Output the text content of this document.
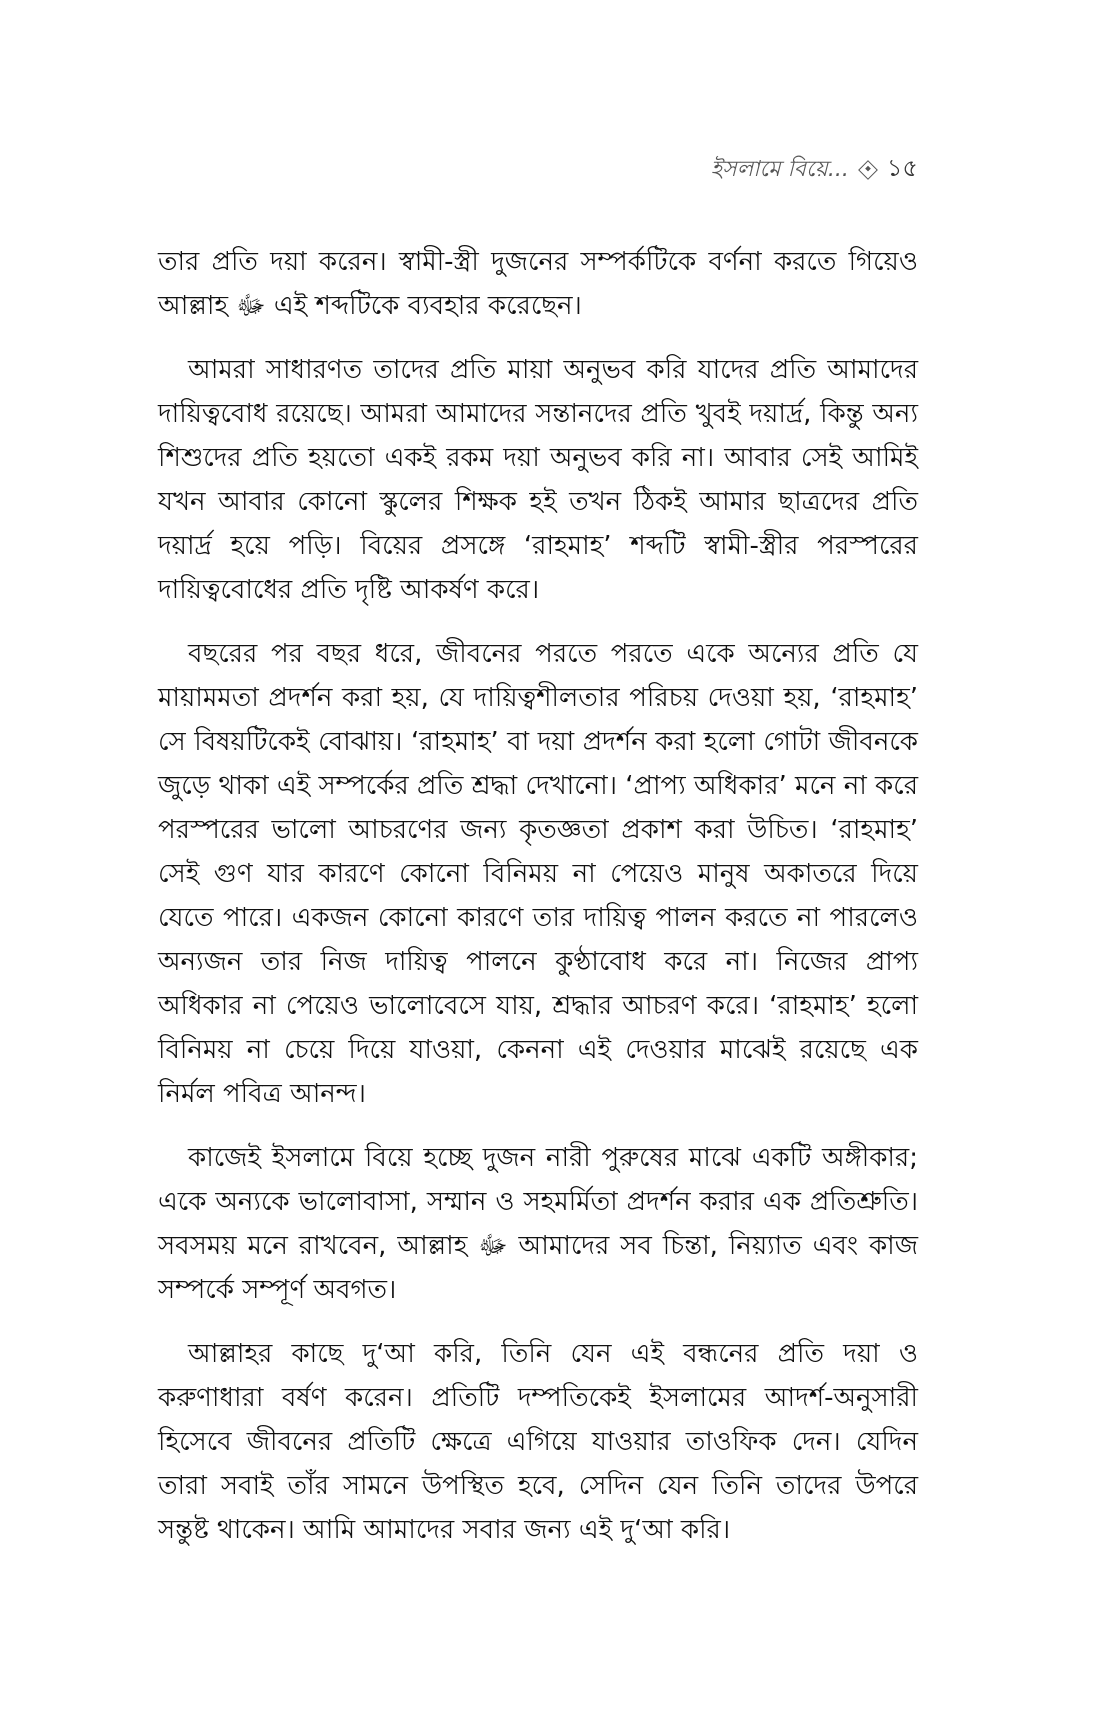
ইসলামে বিয়ে... ১৫

তার প্রতি দয়া করেন। স্বামী-স্ত্রী দুজনের সম্পর্কটিকে বর্ণনা করতে গিয়েও আল্লাহ ﷻ এই শব্দটিকে ব্যবহার করেছেন।

আমরা সাধারণত তাদের প্রতি মায়া অনুভব করি যাদের প্রতি আমাদের দায়িত্ববোধ রয়েছে। আমরা আমাদের সন্তানদের প্রতি খুবই দয়ার্দ্র, কিন্তু অন্য শিশুদের প্রতি হয়তো একই রকম দয়া অনুভব করি না। আবার সেই আমিই যখন আবার কোনো স্কুলের শিক্ষক হই তখন ঠিকই আমার ছাত্রদের প্রতি দয়ার্দ্র হয়ে পড়ি। বিয়ের প্রসঙ্গে ‘রাহমাহ’ শব্দটি স্বামী-স্ত্রীর পরস্পরের দায়িত্ববোধের প্রতি দৃষ্টি আকর্ষণ করে।

বছরের পর বছর ধরে, জীবনের পরতে পরতে একে অন্যের প্রতি যে মায়ামমতা প্রদর্শন করা হয়, যে দায়িত্বশীলতার পরিচয় দেওয়া হয়, ‘রাহমাহ’ সে বিষয়টিকেই বোঝায়। ‘রাহমাহ’ বা দয়া প্রদর্শন করা হলো গোটা জীবনকে জুড়ে থাকা এই সম্পর্কের প্রতি শ্রদ্ধা দেখানো। ‘প্রাপ্য অধিকার’ মনে না করে পরস্পরের ভালো আচরণের জন্য কৃতজ্ঞতা প্রকাশ করা উচিত। ‘রাহমাহ’ সেই গুণ যার কারণে কোনো বিনিময় না পেয়েও মানুষ অকাতরে দিয়ে যেতে পারে। একজন কোনো কারণে তার দায়িত্ব পালন করতে না পারলেও অন্যজন তার নিজ দায়িত্ব পালনে কুণ্ঠাবোধ করে না। নিজের প্রাপ্য অধিকার না পেয়েও ভালোবেসে যায়, শ্রদ্ধার আচরণ করে। ‘রাহমাহ’ হলো বিনিময় না চেয়ে দিয়ে যাওয়া, কেননা এই দেওয়ার মাঝেই রয়েছে এক নির্মল পবিত্র আনন্দ।

কাজেই ইসলামে বিয়ে হচ্ছে দুজন নারী পুরুষের মাঝে একটি অঙ্গীকার; একে অন্যকে ভালোবাসা, সম্মান ও সহমর্মিতা প্রদর্শন করার এক প্রতিশ্রুতি। সবসময় মনে রাখবেন, আল্লাহ ﷻ আমাদের সব চিন্তা, নিয়্যাত এবং কাজ সম্পর্কে সম্পূর্ণ অবগত।

আল্লাহর কাছে দু‘আ করি, তিনি যেন এই বন্ধনের প্রতি দয়া ও করুণাধারা বর্ষণ করেন। প্রতিটি দম্পতিকেই ইসলামের আদর্শ-অনুসারী হিসেবে জীবনের প্রতিটি ক্ষেত্রে এগিয়ে যাওয়ার তাওফিক দেন। যেদিন তারা সবাই তাঁর সামনে উপস্থিত হবে, সেদিন যেন তিনি তাদের উপরে সন্তুষ্ট থাকেন। আমি আমাদের সবার জন্য এই দু‘আ করি।
